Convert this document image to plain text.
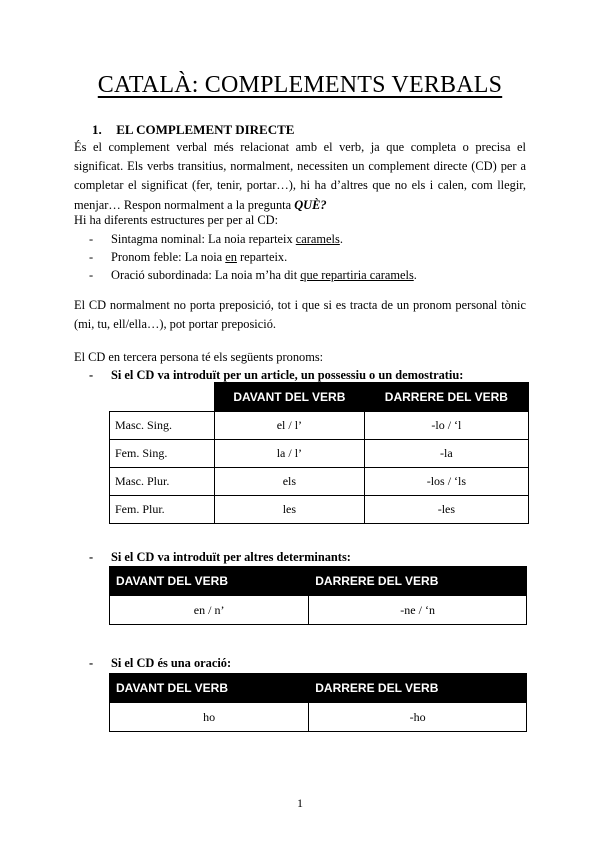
CATALÀ: COMPLEMENTS VERBALS
1. EL COMPLEMENT DIRECTE
És el complement verbal més relacionat amb el verb, ja que completa o precisa el significat. Els verbs transitius, normalment, necessiten un complement directe (CD) per a completar el significat (fer, tenir, portar…), hi ha d’altres que no els i calen, com llegir, menjar… Respon normalment a la pregunta QUÈ?
Hi ha diferents estructures per per al CD:
- Sintagma nominal: La noia reparteix caramels.
- Pronom feble: La noia en reparteix.
- Oració subordinada: La noia m’ha dit que repartiria caramels.
El CD normalment no porta preposició, tot i que si es tracta de un pronom personal tònic (mi, tu, ell/ella…), pot portar preposició.
El CD en tercera persona té els següents pronoms:
- Si el CD va introduït per un article, un possessiu o un demostratiu:
	DAVANT DEL VERB	DARRERE DEL VERB
Masc. Sing.	el / l’	-lo / ‘l
Fem. Sing.	la / l’	-la
Masc. Plur.	els	-los / ‘ls
Fem. Plur.	les	-les
- Si el CD va introduït per altres determinants:
DAVANT DEL VERB	DARRERE DEL VERB
en / n’	-ne / ‘n
- Si el CD és una oració:
DAVANT DEL VERB	DARRERE DEL VERB
ho	-ho
1
